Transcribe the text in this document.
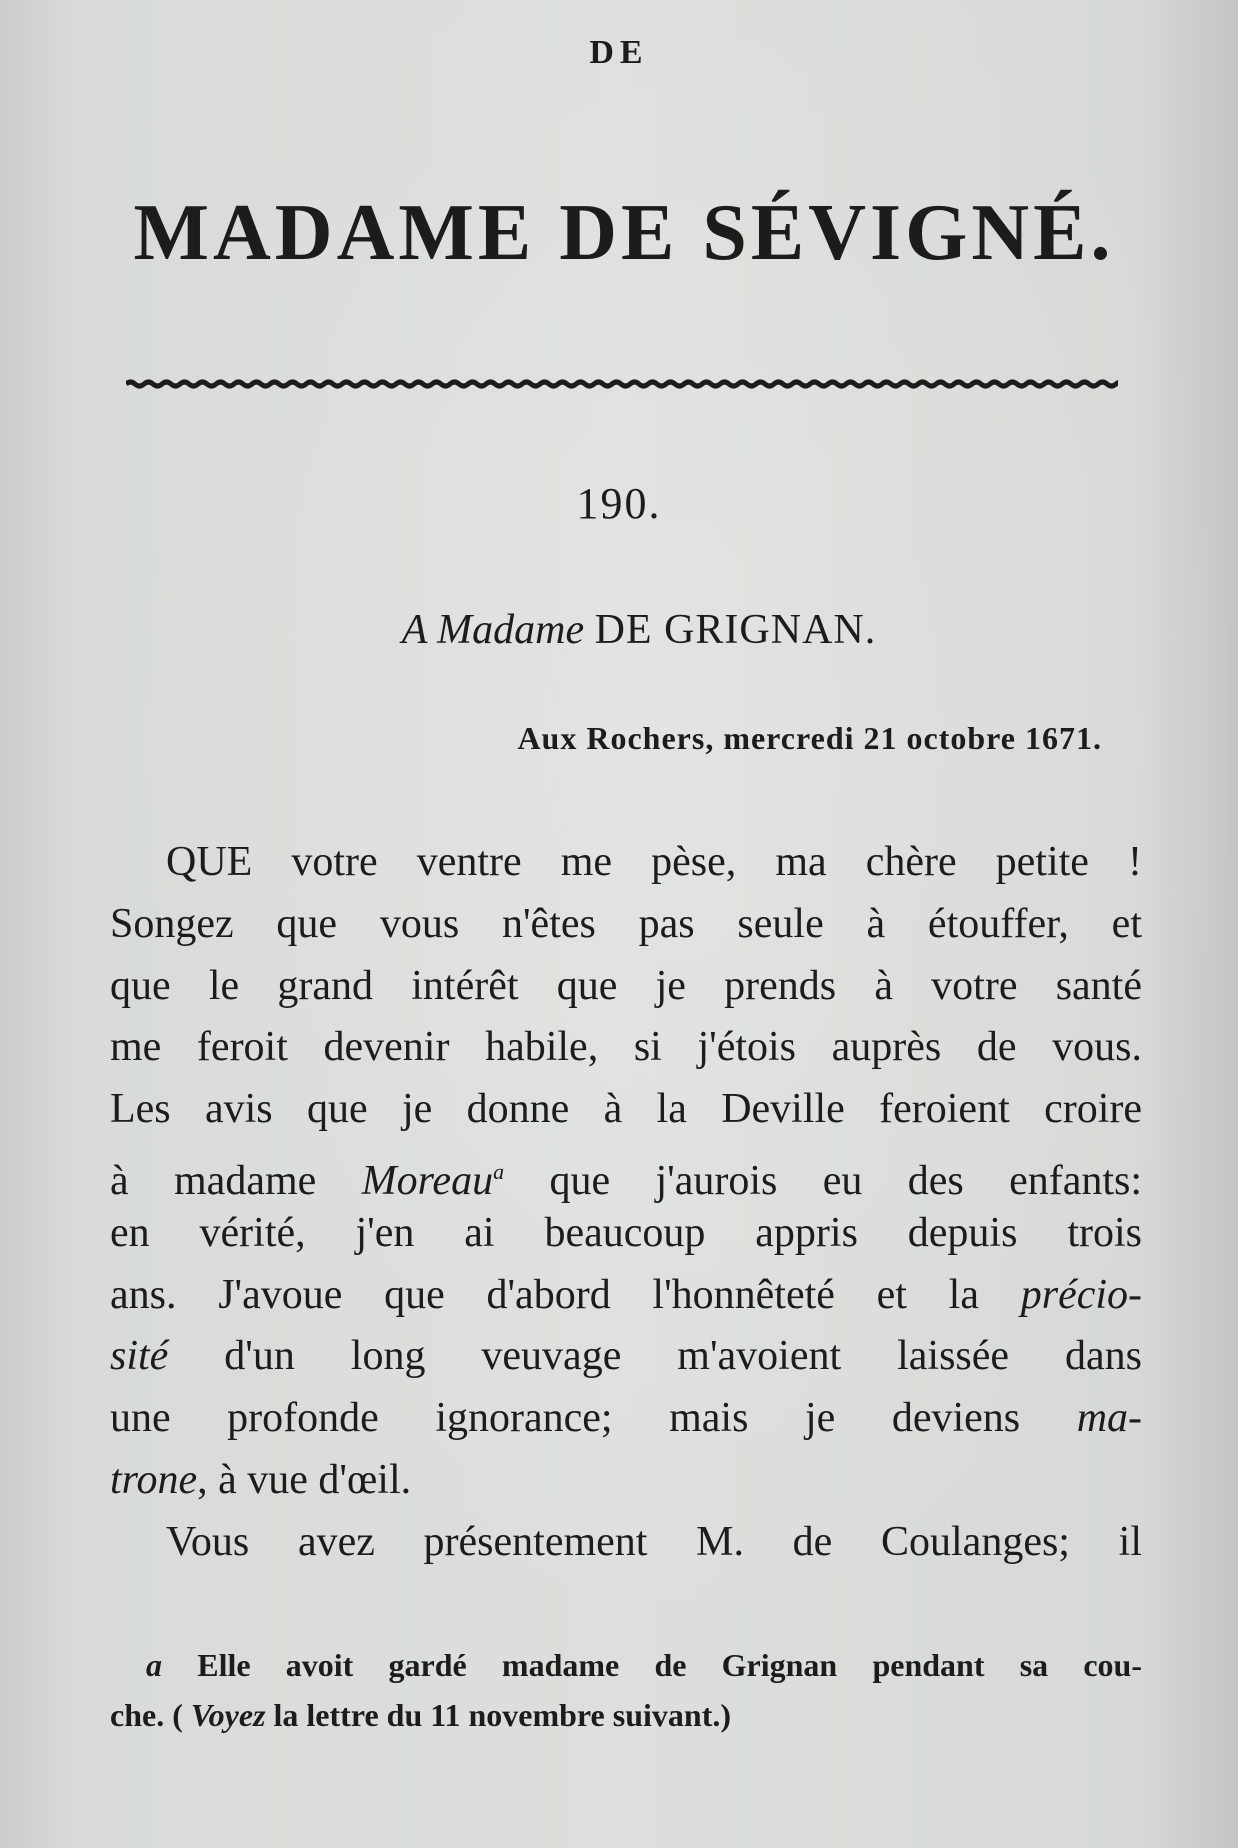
DE
MADAME DE SÉVIGNÉ.
190.
A Madame DE GRIGNAN.
Aux Rochers, mercredi 21 octobre 1671.
QUE votre ventre me pèse, ma chère petite !
Songez que vous n'êtes pas seule à étouffer, et
que le grand intérêt que je prends à votre santé
me feroit devenir habile, si j'étois auprès de vous.
Les avis que je donne à la Deville feroient croire
à madame Moreau$^a$ que j'aurois eu des enfants:
en vérité, j'en ai beaucoup appris depuis trois
ans. J'avoue que d'abord l'honnêteté et la précio-
sité d'un long veuvage m'avoient laissée dans
une profonde ignorance; mais je deviens ma-
trone, à vue d'œil.
Vous avez présentement M. de Coulanges; il
a Elle avoit gardé madame de Grignan pendant sa cou-
che. ( Voyez la lettre du 11 novembre suivant.)
